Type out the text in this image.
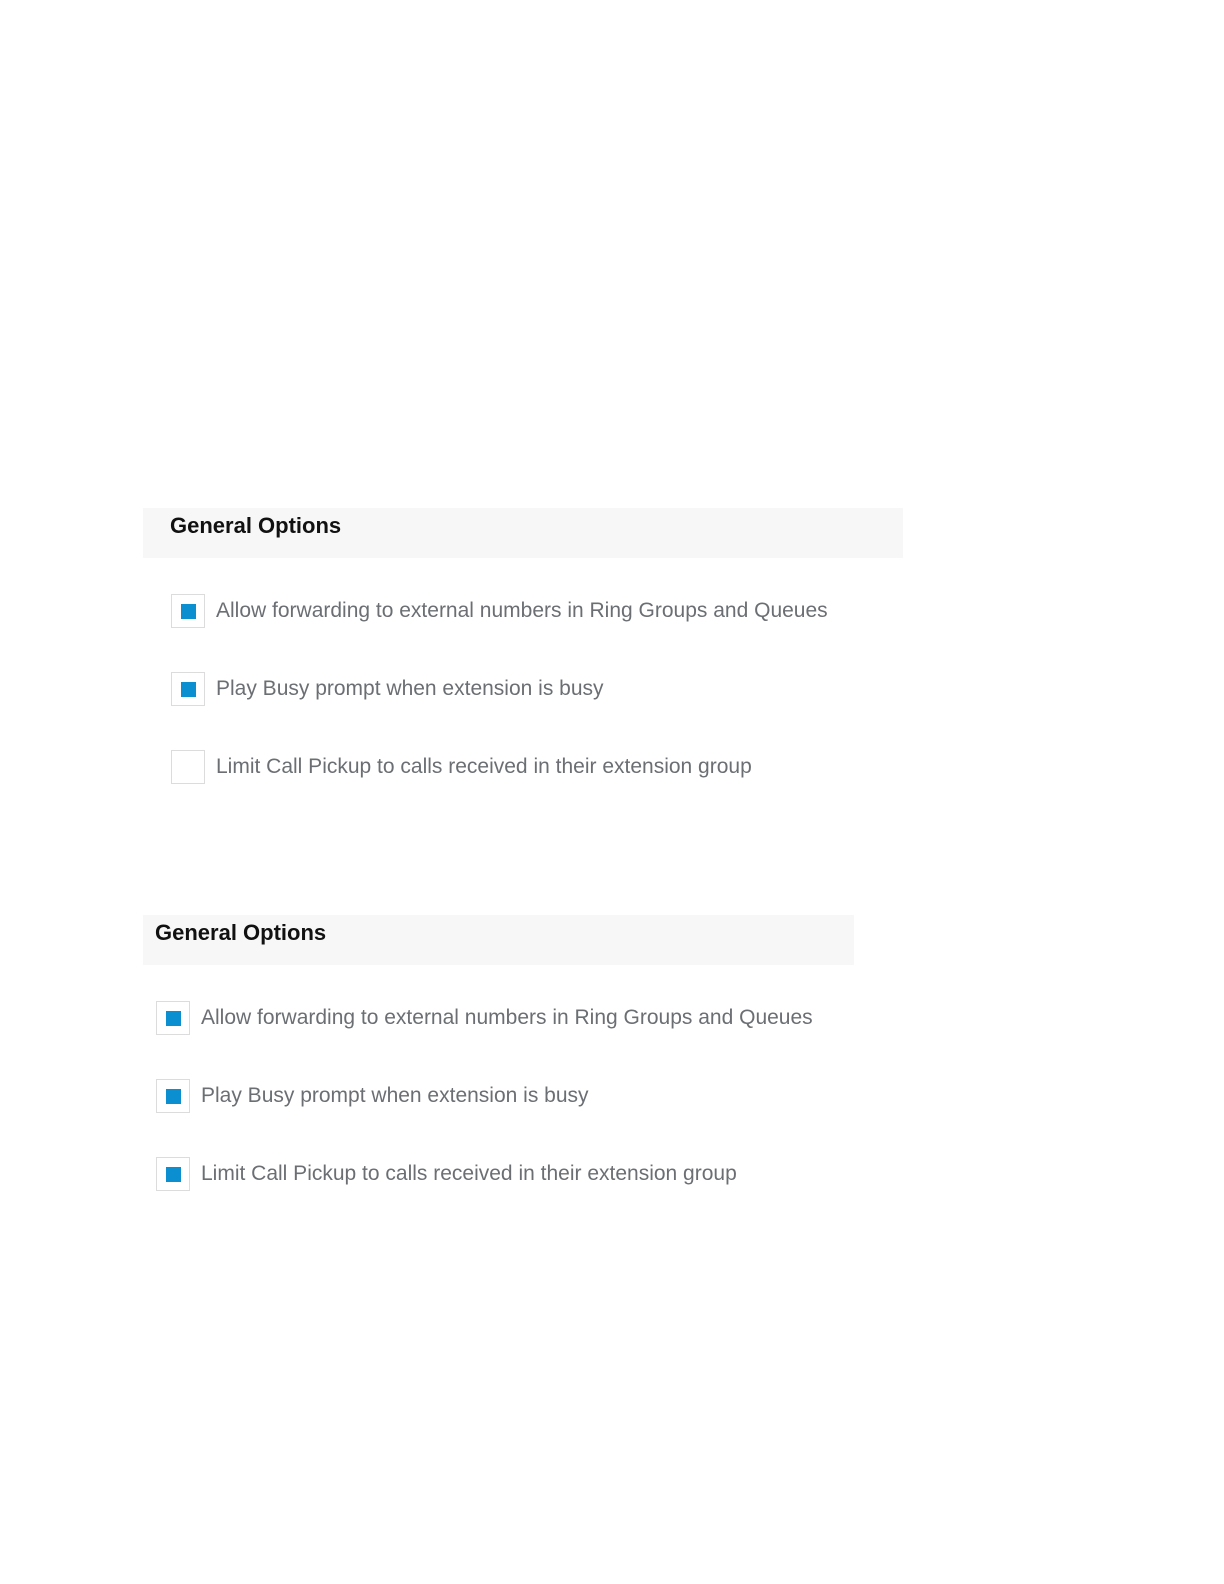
General Options
Allow forwarding to external numbers in Ring Groups and Queues
Play Busy prompt when extension is busy
Limit Call Pickup to calls received in their extension group
General Options
Allow forwarding to external numbers in Ring Groups and Queues
Play Busy prompt when extension is busy
Limit Call Pickup to calls received in their extension group
